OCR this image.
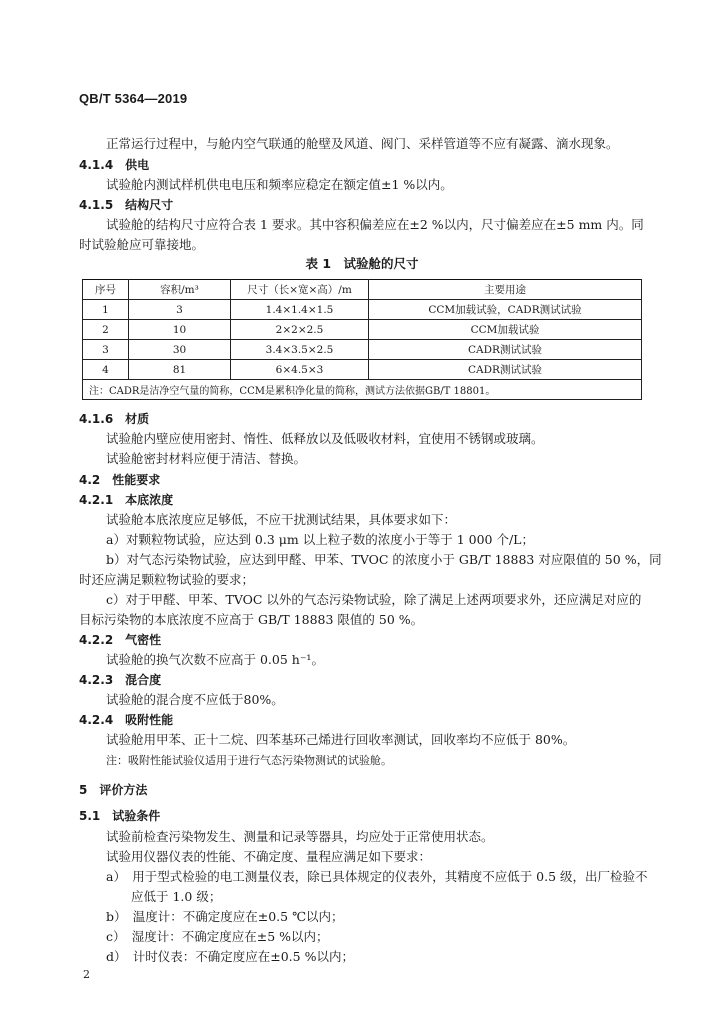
QB/T 5364—2019
正常运行过程中，与舱内空气联通的舱壁及风道、阀门、采样管道等不应有凝露、滴水现象。
4.1.4　供电
试验舱内测试样机供电电压和频率应稳定在额定值±1 %以内。
4.1.5　结构尺寸
试验舱的结构尺寸应符合表 1 要求。其中容积偏差应在±2 %以内，尺寸偏差应在±5 mm 内。同
时试验舱应可靠接地。
表 1　试验舱的尺寸
序号	容积/m³	尺寸（长×宽×高）/m	主要用途
1	3	1.4×1.4×1.5	CCM加载试验，CADR测试试验
2	10	2×2×2.5	CCM加载试验
3	30	3.4×3.5×2.5	CADR测试试验
4	81	6×4.5×3	CADR测试试验
注：CADR是洁净空气量的简称，CCM是累积净化量的简称，测试方法依据GB/T 18801。			
4.1.6　材质
试验舱内壁应使用密封、惰性、低释放以及低吸收材料，宜使用不锈钢或玻璃。
试验舱密封材料应便于清洁、替换。
4.2　性能要求
4.2.1　本底浓度
试验舱本底浓度应足够低，不应干扰测试结果，具体要求如下：
a）对颗粒物试验，应达到 0.3 μm 以上粒子数的浓度小于等于 1 000 个/L；
b）对气态污染物试验，应达到甲醛、甲苯、TVOC 的浓度小于 GB/T 18883 对应限值的 50 %，同
时还应满足颗粒物试验的要求；
c）对于甲醛、甲苯、TVOC 以外的气态污染物试验，除了满足上述两项要求外，还应满足对应的
目标污染物的本底浓度不应高于 GB/T 18883 限值的 50 %。
4.2.2　气密性
试验舱的换气次数不应高于 0.05 h⁻¹。
4.2.3　混合度
试验舱的混合度不应低于80%。
4.2.4　吸附性能
试验舱用甲苯、正十二烷、四苯基环己烯进行回收率测试，回收率均不应低于 80%。
注：吸附性能试验仪适用于进行气态污染物测试的试验舱。
5　评价方法
5.1　试验条件
试验前检查污染物发生、测量和记录等器具，均应处于正常使用状态。
试验用仪器仪表的性能、不确定度、量程应满足如下要求：
a）　用于型式检验的电工测量仪表，除已具体规定的仪表外，其精度不应低于 0.5 级，出厂检验不
应低于 1.0 级；
b）　温度计：不确定度应在±0.5 ℃以内；
c）　湿度计：不确定度应在±5 %以内；
d）　计时仪表：不确定度应在±0.5 %以内；
2
